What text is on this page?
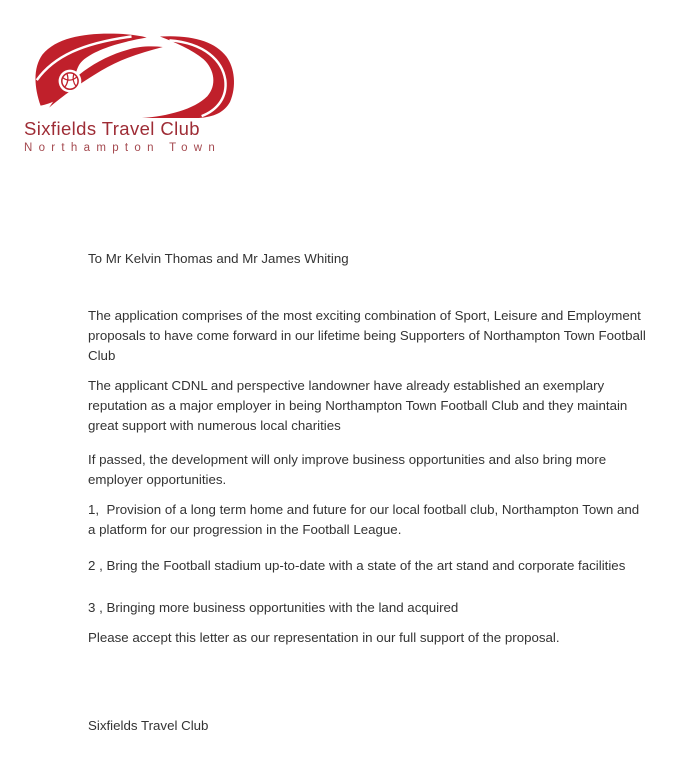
Sixfields Travel Club
Northampton Town

To Mr Kelvin Thomas and Mr James Whiting

The application comprises of the most exciting combination of Sport, Leisure and Employment proposals to have come forward in our lifetime being Supporters of Northampton Town Football Club

The applicant CDNL and perspective landowner have already established an exemplary reputation as a major employer in being Northampton Town Football Club and they maintain great support with numerous local charities

If passed, the development will only improve business opportunities and also bring more employer opportunities.

1,  Provision of a long term home and future for our local football club, Northampton Town and a platform for our progression in the Football League.

2 , Bring the Football stadium up-to-date with a state of the art stand and corporate facilities

3 , Bringing more business opportunities with the land acquired

Please accept this letter as our representation in our full support of the proposal.

Sixfields Travel Club
